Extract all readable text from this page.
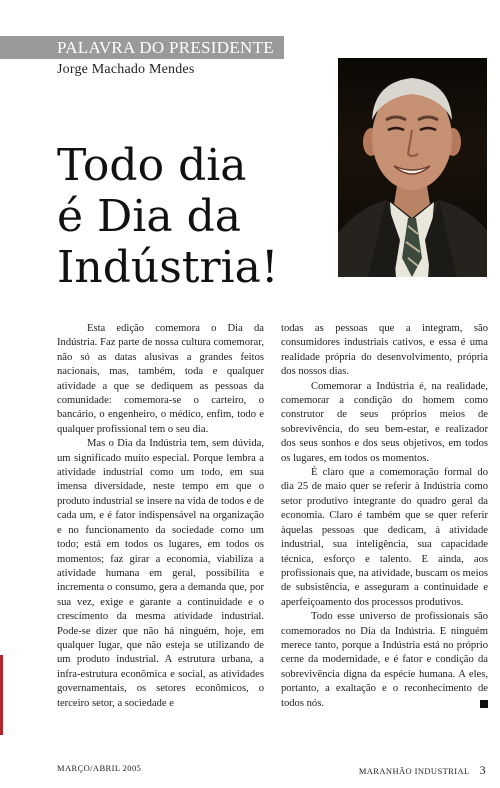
PALAVRA DO PRESIDENTE
Jorge Machado Mendes
Todo dia
é Dia da
Indústria!

Esta edição comemora o Dia da Indústria. Faz parte de nossa cultura comemorar, não só as datas alusivas a grandes feitos nacionais, mas, também, toda e qualquer atividade a que se dediquem as pessoas da comunidade: comemora-se o carteiro, o bancário, o engenheiro, o médico, enfim, todo e qualquer profissional tem o seu dia.

Mas o Dia da Indústria tem, sem dúvida, um significado muito especial. Porque lembra a atividade industrial como um todo, em sua imensa diversidade, neste tempo em que o produto industrial se insere na vida de todos e de cada um, e é fator indispensável na organização e no funcionamento da sociedade como um todo; está em todos os lugares, em todos os momentos; faz girar a economia, viabiliza a atividade humana em geral, possibilita e incrementa o consumo, gera a demanda que, por sua vez, exige e garante a continuidade e o crescimento da mesma atividade industrial. Pode-se dizer que não há ninguém, hoje, em qualquer lugar, que não esteja se utilizando de um produto industrial. A estrutura urbana, a infra-estrutura econômica e social, as atividades governamentais, os setores econômicos, o terceiro setor, a sociedade e

todas as pessoas que a integram, são consumidores industriais cativos, e essa é uma realidade própria do desenvolvimento, própria dos nossos dias.

Comemorar a Indústria é, na realidade, comemorar a condição do homem como construtor de seus próprios meios de sobrevivência, do seu bem-estar, e realizador dos seus sonhos e dos seus objetivos, em todos os lugares, em todos os momentos.

É claro que a comemoração formal do dia 25 de maio quer se referir à Indústria como setor produtivo integrante do quadro geral da economia. Claro é também que se quer referir àquelas pessoas que dedicam, à atividade industrial, sua inteligência, sua capacidade técnica, esforço e talento. E ainda, aos profissionais que, na atividade, buscam os meios de subsistência, e asseguram a continuidade e aperfeiçoamento dos processos produtivos.

Todo esse universo de profissionais são comemorados no Dia da Indústria. E ninguém merece tanto, porque a Indústria está no próprio cerne da modernidade, e é fator e condição da sobrevivência digna da espécie humana. A eles, portanto, a exaltação e o reconhecimento de todos nós.

MARÇO/ABRIL 2005	MARANHÃO INDUSTRIAL 3
